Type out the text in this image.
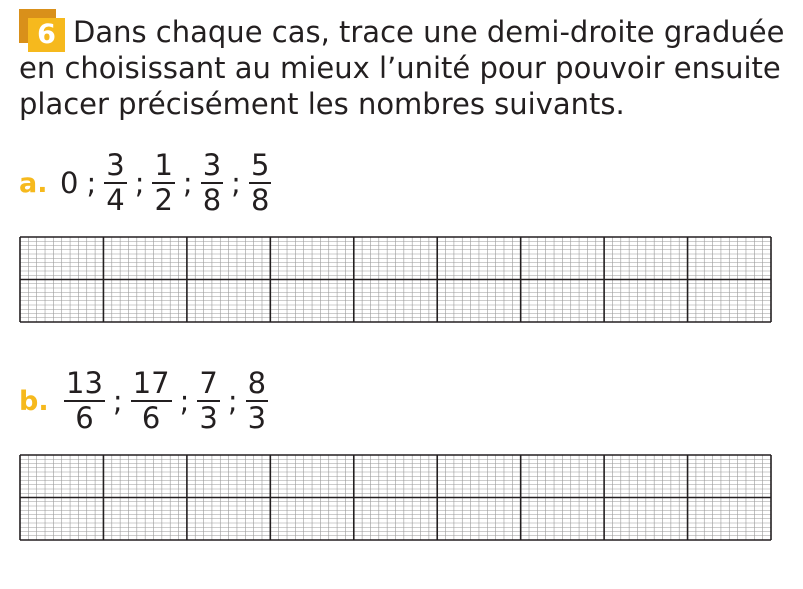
6 Dans chaque cas, trace une demi-droite graduée
en choisissant au mieux l’unité pour pouvoir ensuite
placer précisément les nombres suivants.

a. 0 ; $\frac{3}{4}$ ; $\frac{1}{2}$ ; $\frac{3}{8}$ ; $\frac{5}{8}$
b. $\frac{13}{6}$ ; $\frac{17}{6}$ ; $\frac{7}{3}$ ; $\frac{8}{3}$
